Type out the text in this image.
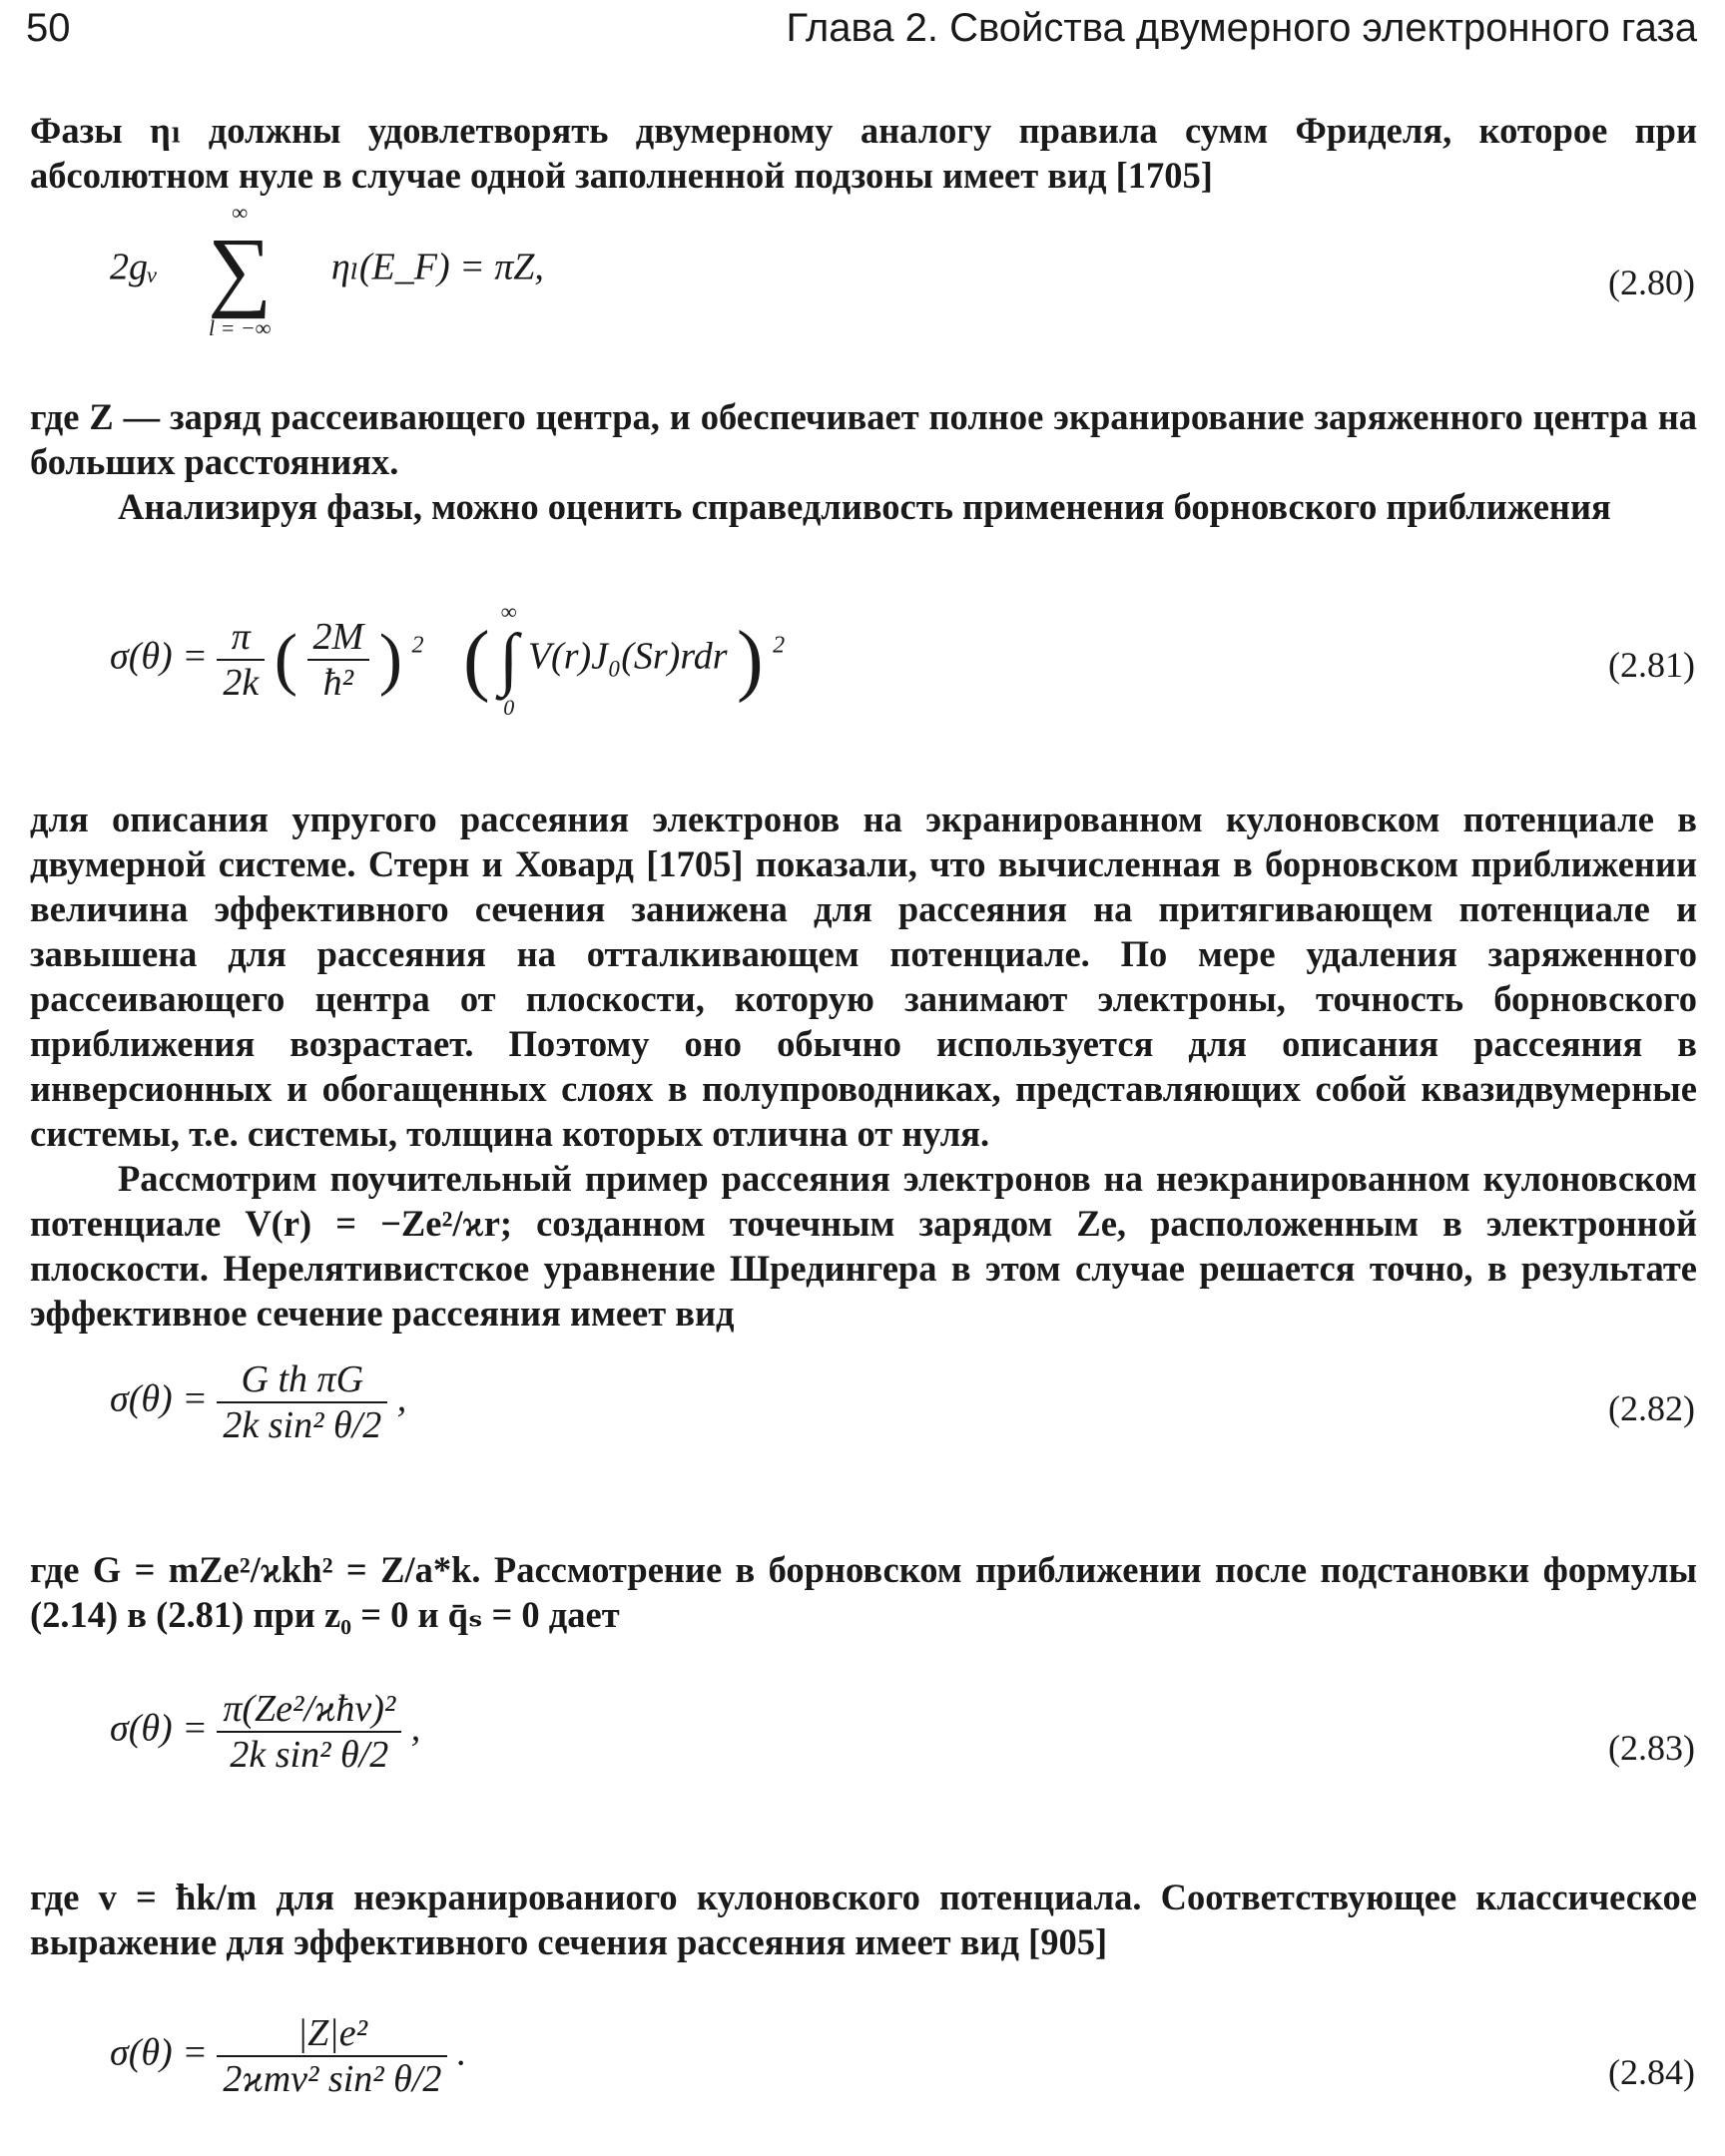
50	Глава 2. Свойства двумерного электронного газа
Фазы ηₗ должны удовлетворять двумерному аналогу правила сумм Фриделя, которое при абсолютном нуле в случае одной заполненной подзоны имеет вид [1705]
2gᵥ
∞
∑
l = −∞
ηₗ(E_F) = πZ,	(2.80)
где Z — заряд рассеивающего центра, и обеспечивает полное экранирование заряженного центра на больших расстояниях.
Анализируя фазы, можно оценить справедливость применения борновского приближения
$\sigma(\theta) = \frac{\pi}{2k}$ ( $\frac{2M}{\text{ħ²}}$ ) $^2$ (
∞
∫
0
V(r)J₀(Sr)rdr ) $^2$	(2.81)
для описания упругого рассеяния электронов на экранированном кулоновском потенциале в двумерной системе. Стерн и Ховард [1705] показали, что вычисленная в борновском приближении величина эффективного сечения занижена для рассеяния на притягивающем потенциале и завышена для рассеяния на отталкивающем потенциале. По мере удаления заряженного рассеивающего центра от плоскости, которую занимают электроны, точность борновского приближения возрастает. Поэтому оно обычно используется для описания рассеяния в инверсионных и обогащенных слоях в полупроводниках, представляющих собой квазидвумерные системы, т.е. системы, толщина которых отлична от нуля.
Рассмотрим поучительный пример рассеяния электронов на неэкранированном кулоновском потенциале V(r) = −Ze²/ϰr; созданном точечным зарядом Ze, расположенным в электронной плоскости. Нерелятивистское уравнение Шредингера в этом случае решается точно, в результате эффективное сечение рассеяния имеет вид
$\sigma(\theta) = \frac{\text{G th πG}}{\text{2k sin² θ/2}}$ ,	(2.82)
где G = mZe²/ϰkh² = Z/a*k. Рассмотрение в борновском приближении после подстановки формулы (2.14) в (2.81) при z₀ = 0 и q̄ₛ = 0 дает
$\sigma(\theta) = \frac{\text{π(Ze²/ϰħv)²}}{\text{2k sin² θ/2}}$ ,	(2.83)
где v = ħk/m для неэкранированиого кулоновского потенциала. Соответствующее классическое выражение для эффективного сечения рассеяния имеет вид [905]
$\sigma(\theta) = \frac{\text{|Z|e²}}{\text{2ϰmv² sin² θ/2}}$ .	(2.84)
